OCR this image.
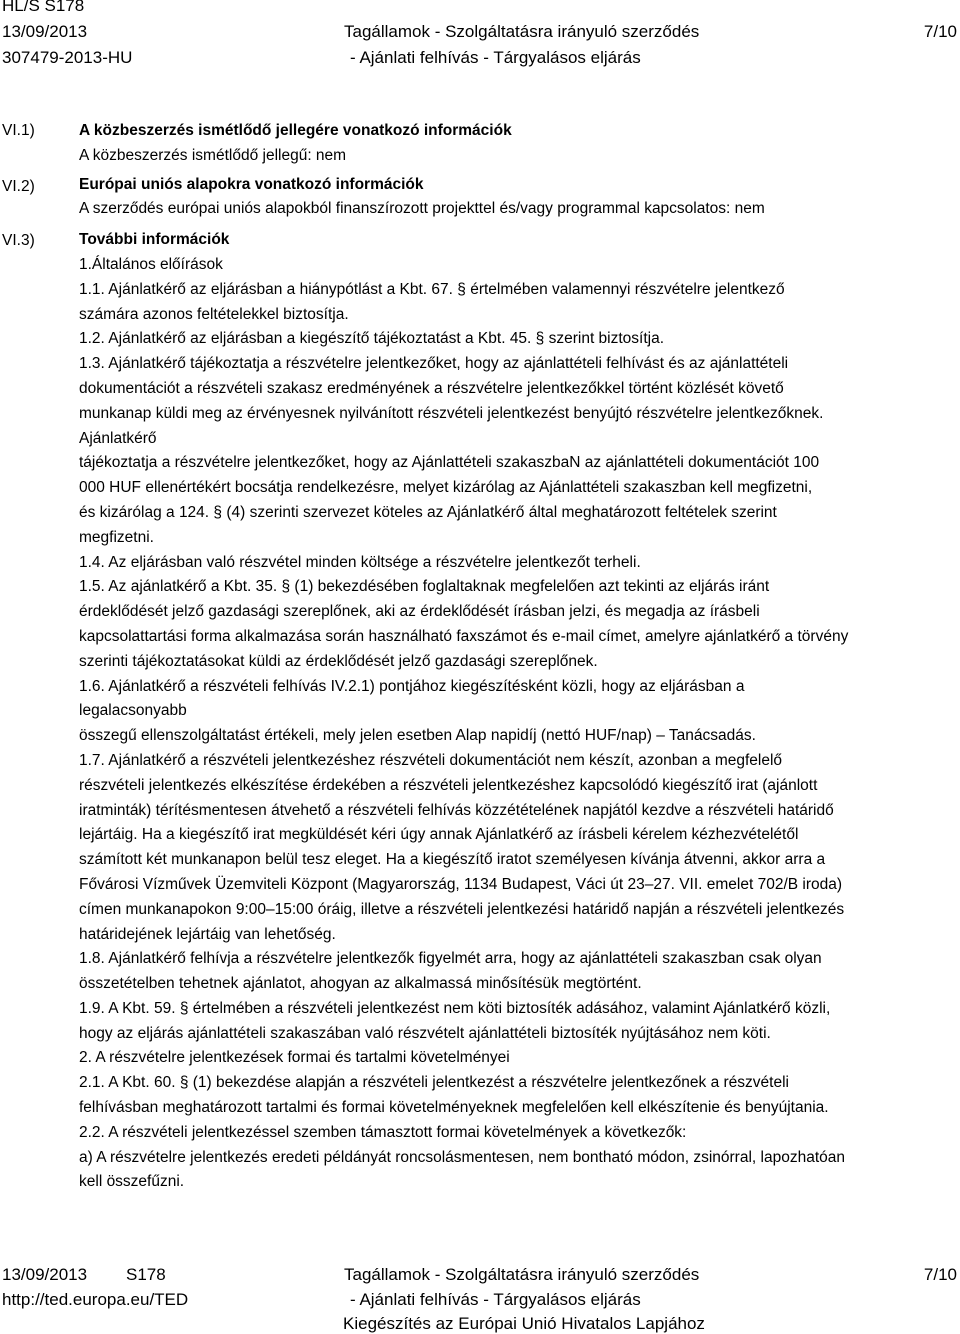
HL/S S178
13/09/2013
307479-2013-HU
Tagállamok - Szolgáltatásra irányuló szerződés
- Ajánlati felhívás - Tárgyalásos eljárás
7/10
VI.1)
VI.2)
VI.3)
A közbeszerzés ismétlődő jellegére vonatkozó információk
A közbeszerzés ismétlődő jellegű: nem
Európai uniós alapokra vonatkozó információk
A szerződés európai uniós alapokból finanszírozott projekttel és/vagy programmal kapcsolatos: nem
További információk
1.Általános előírások
1.1. Ajánlatkérő az eljárásban a hiánypótlást a Kbt. 67. § értelmében valamennyi részvételre jelentkező
számára azonos feltételekkel biztosítja.
1.2. Ajánlatkérő az eljárásban a kiegészítő tájékoztatást a Kbt. 45. § szerint biztosítja.
1.3. Ajánlatkérő tájékoztatja a részvételre jelentkezőket, hogy az ajánlattételi felhívást és az ajánlattételi
dokumentációt a részvételi szakasz eredményének a részvételre jelentkezőkkel történt közlését követő
munkanap küldi meg az érvényesnek nyilvánított részvételi jelentkezést benyújtó részvételre jelentkezőknek.
Ajánlatkérő
tájékoztatja a részvételre jelentkezőket, hogy az Ajánlattételi szakaszbaN az ajánlattételi dokumentációt 100
000 HUF ellenértékért bocsátja rendelkezésre, melyet kizárólag az Ajánlattételi szakaszban kell megfizetni,
és kizárólag a 124. § (4) szerinti szervezet köteles az Ajánlatkérő által meghatározott feltételek szerint
megfizetni.
1.4. Az eljárásban való részvétel minden költsége a részvételre jelentkezőt terheli.
1.5. Az ajánlatkérő a Kbt. 35. § (1) bekezdésében foglaltaknak megfelelően azt tekinti az eljárás iránt
érdeklődését jelző gazdasági szereplőnek, aki az érdeklődését írásban jelzi, és megadja az írásbeli
kapcsolattartási forma alkalmazása során használható faxszámot és e-mail címet, amelyre ajánlatkérő a törvény
szerinti tájékoztatásokat küldi az érdeklődését jelző gazdasági szereplőnek.
1.6. Ajánlatkérő a részvételi felhívás IV.2.1) pontjához kiegészítésként közli, hogy az eljárásban a
legalacsonyabb
összegű ellenszolgáltatást értékeli, mely jelen esetben Alap napidíj (nettó HUF/nap) – Tanácsadás.
1.7. Ajánlatkérő a részvételi jelentkezéshez részvételi dokumentációt nem készít, azonban a megfelelő
részvételi jelentkezés elkészítése érdekében a részvételi jelentkezéshez kapcsolódó kiegészítő irat (ajánlott
iratminták) térítésmentesen átvehető a részvételi felhívás közzétételének napjától kezdve a részvételi határidő
lejártáig. Ha a kiegészítő irat megküldését kéri úgy annak Ajánlatkérő az írásbeli kérelem kézhezvételétől
számított két munkanapon belül tesz eleget. Ha a kiegészítő iratot személyesen kívánja átvenni, akkor arra a
Fővárosi Vízművek Üzemviteli Központ (Magyarország, 1134 Budapest, Váci út 23–27. VII. emelet 702/B iroda)
címen munkanapokon 9:00–15:00 óráig, illetve a részvételi jelentkezési határidő napján a részvételi jelentkezés
határidejének lejártáig van lehetőség.
1.8. Ajánlatkérő felhívja a részvételre jelentkezők figyelmét arra, hogy az ajánlattételi szakaszban csak olyan
összetételben tehetnek ajánlatot, ahogyan az alkalmassá minősítésük megtörtént.
1.9. A Kbt. 59. § értelmében a részvételi jelentkezést nem köti biztosíték adásához, valamint Ajánlatkérő közli,
hogy az eljárás ajánlattételi szakaszában való részvételt ajánlattételi biztosíték nyújtásához nem köti.
2. A részvételre jelentkezések formai és tartalmi követelményei
2.1. A Kbt. 60. § (1) bekezdése alapján a részvételi jelentkezést a részvételre jelentkezőnek a részvételi
felhívásban meghatározott tartalmi és formai követelményeknek megfelelően kell elkészítenie és benyújtania.
2.2. A részvételi jelentkezéssel szemben támasztott formai követelmények a következők:
a) A részvételre jelentkezés eredeti példányát roncsolásmentesen, nem bontható módon, zsinórral, lapozhatóan
kell összefűzni.
13/09/2013 S178
http://ted.europa.eu/TED
Tagállamok - Szolgáltatásra irányuló szerződés
- Ajánlati felhívás - Tárgyalásos eljárás
Kiegészítés az Európai Unió Hivatalos Lapjához
7/10
